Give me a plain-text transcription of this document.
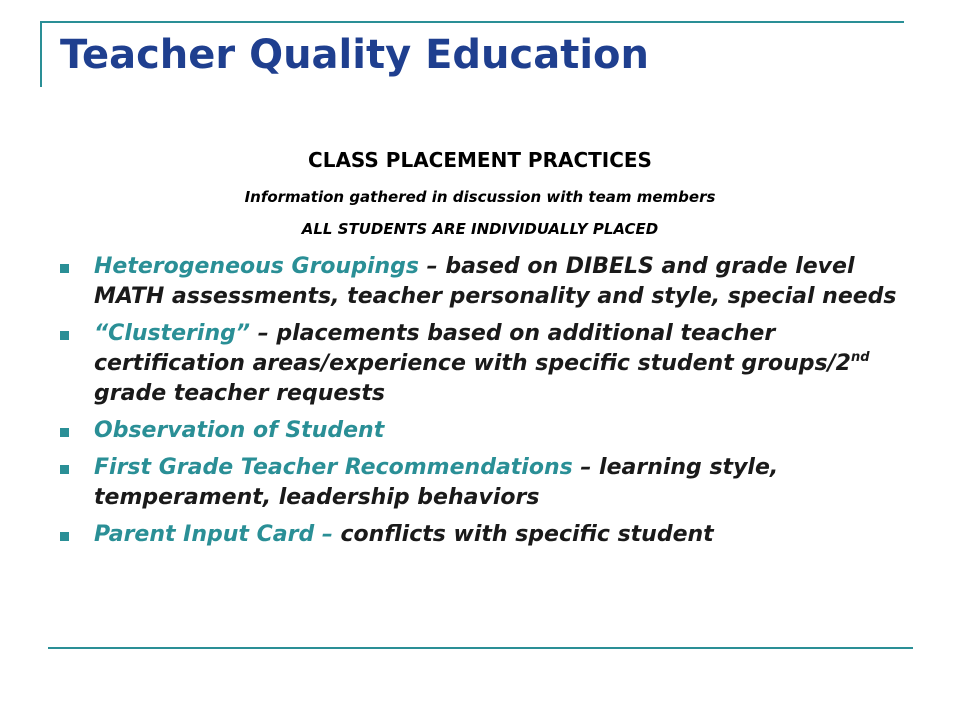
Teacher Quality Education
CLASS PLACEMENT PRACTICES
Information gathered in discussion with team members
ALL STUDENTS ARE INDIVIDUALLY PLACED
Heterogeneous Groupings – based on DIBELS and grade level MATH assessments, teacher personality and style, special needs
“Clustering” – placements based on additional teacher certification areas/experience with specific student groups/2nd grade teacher requests
Observation of Student
First Grade Teacher Recommendations – learning style, temperament, leadership behaviors
Parent Input Card – conflicts with specific student
